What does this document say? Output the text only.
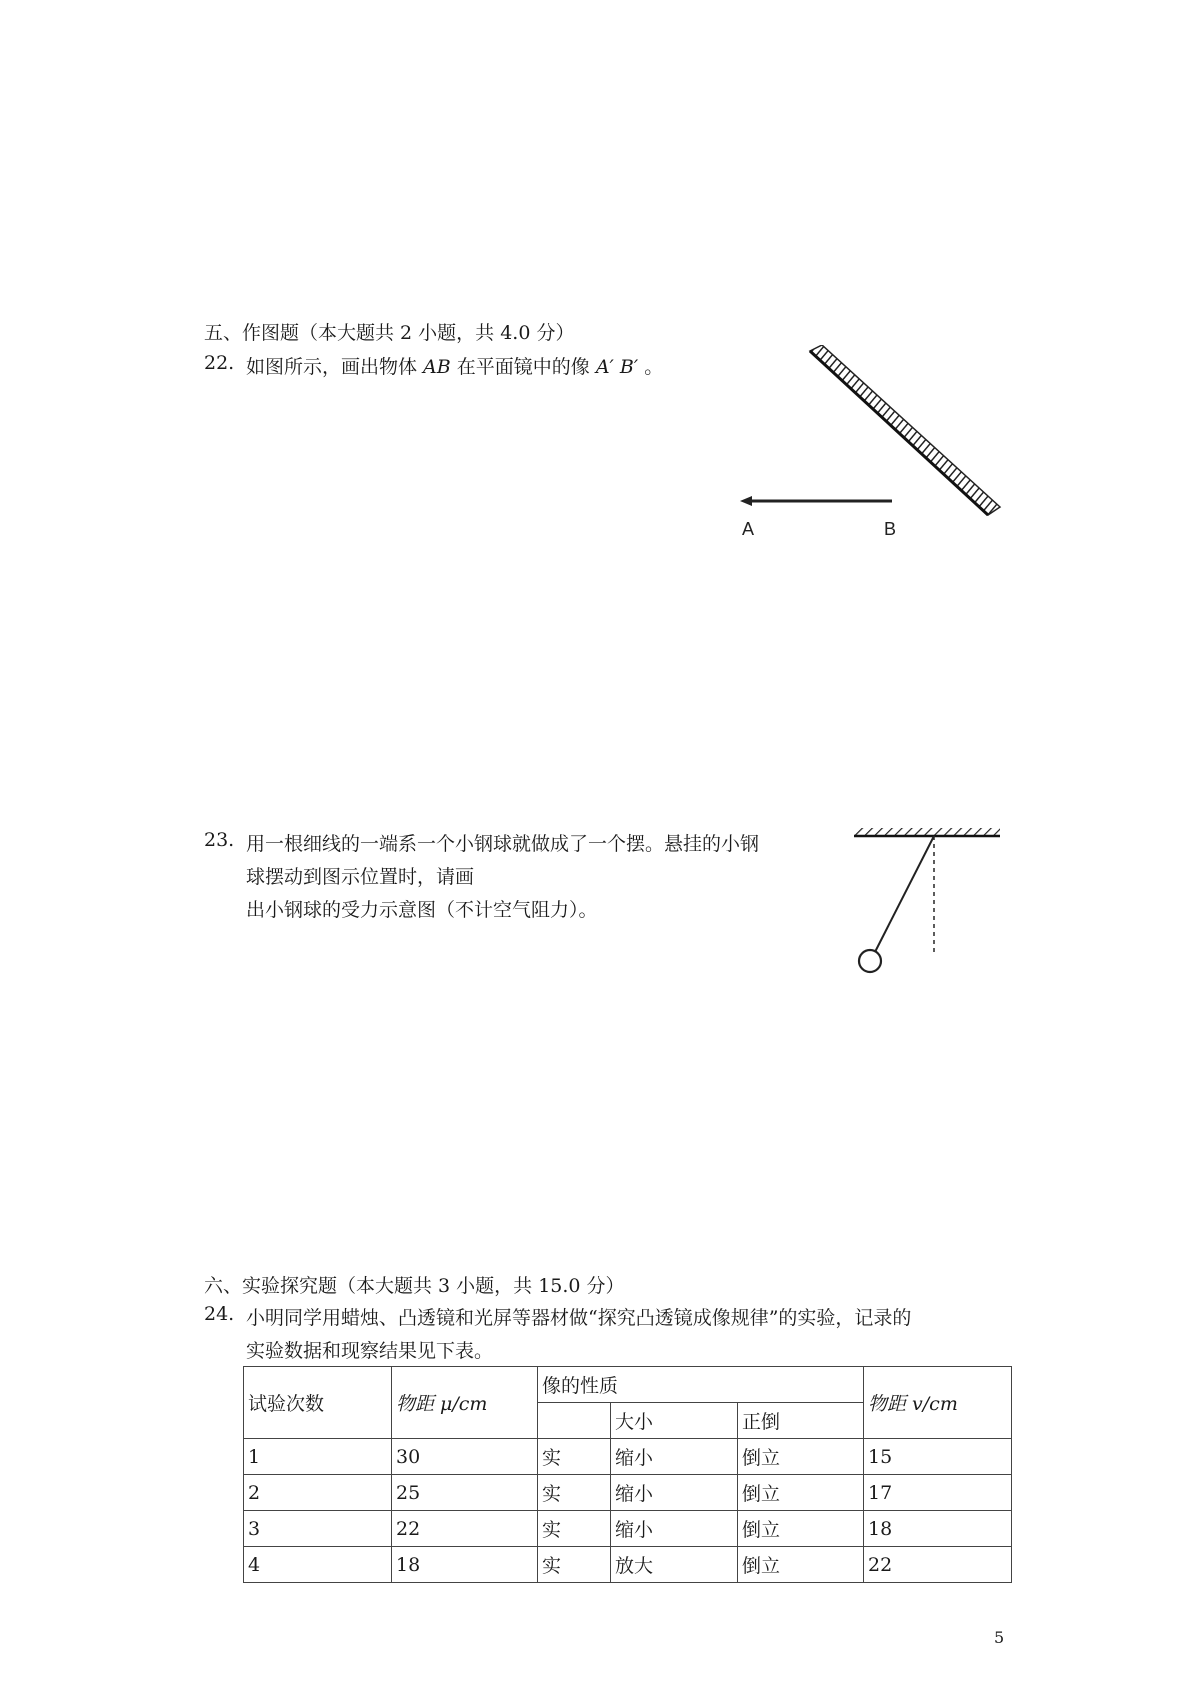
五、作图题（本大题共 2 小题，共 4.0 分）
22. 如图所示，画出物体 AB 在平面镜中的像 A′ B′ 。
A	B
23. 用一根细线的一端系一个小钢球就做成了一个摆。悬挂的小钢
球摆动到图示位置时，请画
出小钢球的受力示意图（不计空气阻力）。
六、实验探究题（本大题共 3 小题，共 15.0 分）
24. 小明同学用蜡烛、凸透镜和光屏等器材做“探究凸透镜成像规律”的实验，记录的
实验数据和现察结果见下表。
试验次数	物距 μ/cm	像的性质			物距 v/cm
			大小	正倒	
1	30	实	缩小	倒立	15
2	25	实	缩小	倒立	17
3	22	实	缩小	倒立	18
4	18	实	放大	倒立	22
5
